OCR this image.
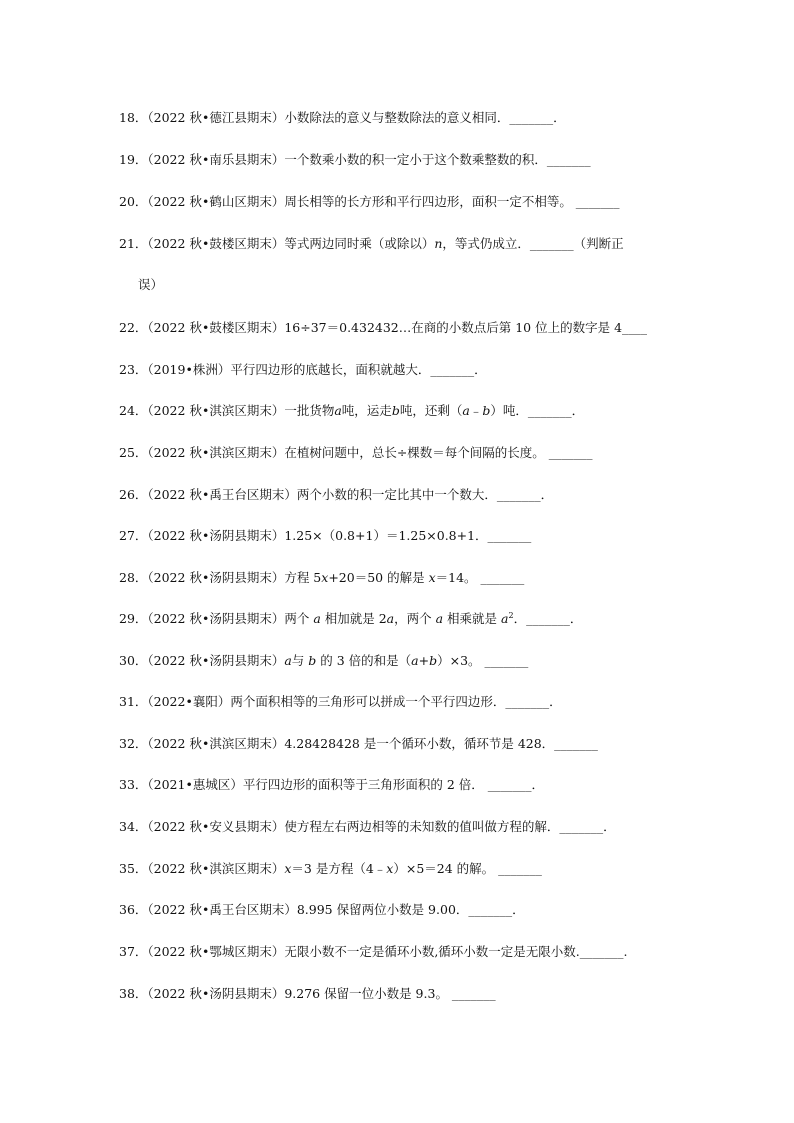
18．（2022 秋•德江县期末）小数除法的意义与整数除法的意义相同．_______．
19．（2022 秋•南乐县期末）一个数乘小数的积一定小于这个数乘整数的积．_______
20．（2022 秋•鹤山区期末）周长相等的长方形和平行四边形，面积一定不相等。 _______
21．（2022 秋•鼓楼区期末）等式两边同时乘（或除以）n，等式仍成立．_______（判断正
误）
22．（2022 秋•鼓楼区期末）16÷37＝0.432432…在商的小数点后第 10 位上的数字是 4____
23．（2019•株洲）平行四边形的底越长，面积就越大．_______．
24．（2022 秋•淇滨区期末）一批货物a吨，运走b吨，还剩（a﹣b）吨．_______．
25．（2022 秋•淇滨区期末）在植树问题中，总长÷棵数＝每个间隔的长度。 _______
26．（2022 秋•禹王台区期末）两个小数的积一定比其中一个数大．_______．
27．（2022 秋•汤阴县期末）1.25×（0.8+1）＝1.25×0.8+1．_______
28．（2022 秋•汤阴县期末）方程 5x+20＝50 的解是 x＝14。 _______
29．（2022 秋•汤阴县期末）两个 a 相加就是 2a，两个 a 相乘就是 $a^2$．_______．
30．（2022 秋•汤阴县期末）a与 b 的 3 倍的和是（a+b）×3。 _______
31．（2022•襄阳）两个面积相等的三角形可以拼成一个平行四边形．_______．
32．（2022 秋•淇滨区期末）4.28428428 是一个循环小数，循环节是 428．_______
33．（2021•惠城区）平行四边形的面积等于三角形面积的 2 倍． _______．
34．（2022 秋•安义县期末）使方程左右两边相等的未知数的值叫做方程的解．_______．
35．（2022 秋•淇滨区期末）x＝3 是方程（4﹣x）×5＝24 的解。 _______
36．（2022 秋•禹王台区期末）8.995 保留两位小数是 9.00．_______．
37．（2022 秋•鄂城区期末）无限小数不一定是循环小数,循环小数一定是无限小数._______.
38．（2022 秋•汤阴县期末）9.276 保留一位小数是 9.3。 _______
